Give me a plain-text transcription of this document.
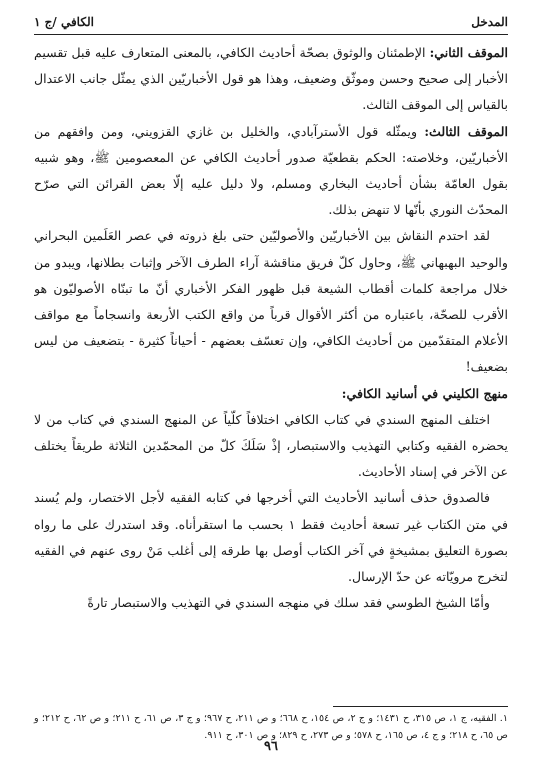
الكافي /ج ١	المدخل

الموقف الثاني: الإطمئنان والوثوق بصحّة أحاديث الكافي، بالمعنى المتعارف عليه قبل تقسيم الأخبار إلى صحيح وحسن وموثّق وضعيف، وهذا هو قول الأخباريّين الذي يمثّل جانب الاعتدال بالقياس إلى الموقف الثالث.

الموقف الثالث: ويمثّله قول الأسترآبادي، والخليل بن غازي القزويني، ومن وافقهم من الأخباريّين، وخلاصته: الحكم بقطعيّة صدور أحاديث الكافي عن المعصومين ﷺ، وهو شبيه بقول العامّة بشأن أحاديث البخاري ومسلم، ولا دليل عليه إلّا بعض القرائن التي صرّح المحدّث النوري بأنّها لا تنهض بذلك.

لقد احتدم النقاش بين الأخباريّين والأصوليّين حتى بلغ ذروته في عصر العَلَمين البحراني والوحيد البهبهاني ﷺ، وحاول كلّ فريق مناقشة آراء الطرف الآخر وإثبات بطلانها، ويبدو من خلال مراجعة كلمات أقطاب الشيعة قبل ظهور الفكر الأخباري أنّ ما تبنّاه الأصوليّون هو الأقرب للصحّة، باعتباره من أكثر الأقوال قرباً من واقع الكتب الأربعة وانسجاماً مع مواقف الأعلام المتقدّمين من أحاديث الكافي، وإن تعسّف بعضهم - أحياناً كثيرة - بتضعيف من ليس بضعيف!

منهج الكليني في أسانيد الكافي:

اختلف المنهج السندي في كتاب الكافي اختلافاً كلّياً عن المنهج السندي في كتاب من لا يحضره الفقيه وكتابي التهذيب والاستبصار، إذْ سَلَكَ كلّ من المحمّدين الثلاثة طريقاً يختلف عن الآخر في إسناد الأحاديث.

فالصدوق حذف أسانيد الأحاديث التي أخرجها في كتابه الفقيه لأجل الاختصار، ولم يُسند في متن الكتاب غير تسعة أحاديث فقط ١ بحسب ما استقرأناه. وقد استدرك على ما رواه بصورة التعليق بمشيخةٍ في آخر الكتاب أوصل بها طرقه إلى أغلب مَنْ روى عنهم في الفقيه لتخرج مرويّاته عن حدّ الإرسال.

وأمّا الشيخ الطوسي فقد سلك في منهجه السندي في التهذيب والاستبصار تارةً

١. الفقيه، ج ١، ص ٣١٥، ح ١٤٣١؛ و ج ٢، ص ١٥٤، ح ٦٦٨؛ و ص ٢١١، ح ٩٦٧؛ و ج ٣، ص ٦١، ح ٢١١؛ و ص ٦٢، ح ٢١٢؛ و ص ٦٥، ح ٢١٨؛ و ج ٤، ص ١٦٥، ح ٥٧٨؛ و ص ٢٧٣، ح ٨٢٩؛ و ص ٣٠١، ح ٩١١.
٩٦
